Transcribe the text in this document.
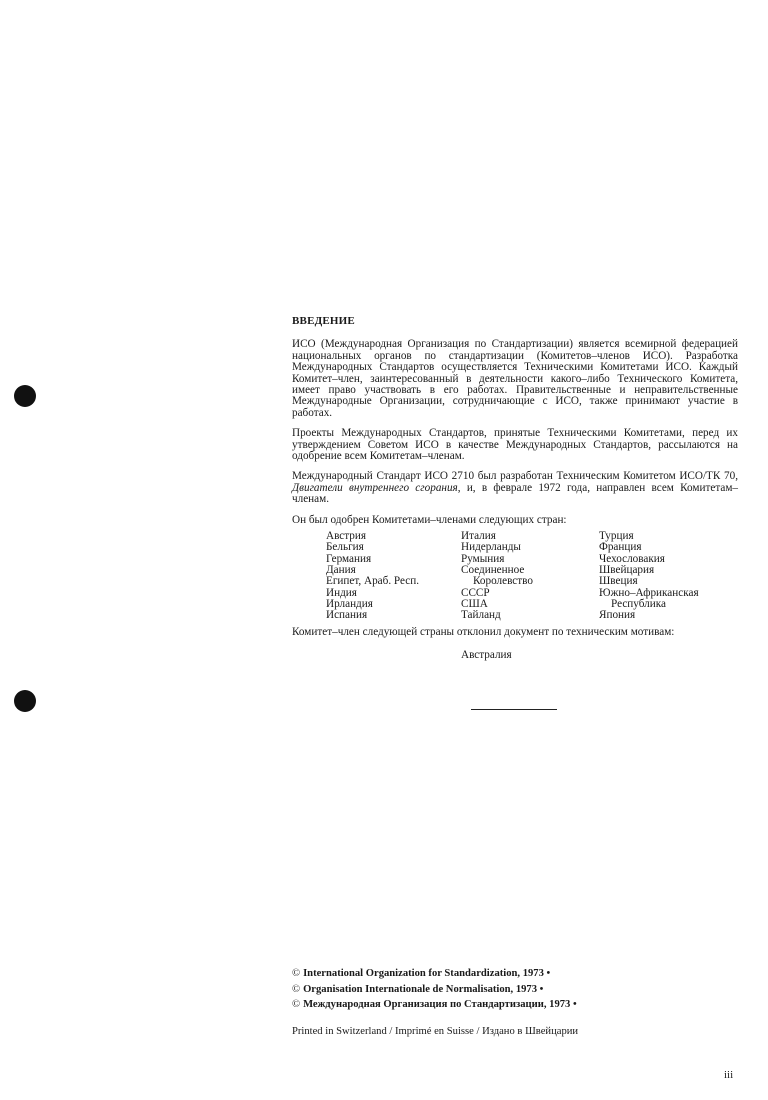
ВВЕДЕНИЕ

ИСО (Международная Организация по Стандартизации) является всемирной федерацией национальных органов по стандартизации (Комитетов–членов ИСО). Разработка Международных Стандартов осуществляется Техническими Комитетами ИСО. Каждый Комитет–член, заинтересованный в деятельности какого–либо Технического Комитета, имеет право участвовать в его работах. Правительственные и неправительственные Международные Организации, сотрудничающие с ИСО, также принимают участие в работах.

Проекты Международных Стандартов, принятые Техническими Комитетами, перед их утверждением Советом ИСО в качестве Международных Стандартов, рассылаются на одобрение всем Комитетам–членам.

Международный Стандарт ИСО 2710 был разработан Техническим Комитетом ИСО/ТК 70, Двигатели внутреннего сгорания, и, в феврале 1972 года, направлен всем Комитетам–членам.

Он был одобрен Комитетами–членами следующих стран:

Австрия
Бельгия
Германия
Дания
Египет, Араб. Респ.
Индия
Ирландия
Испания
Италия
Нидерланды
Румыния
Соединенное
Королевство
СССР
США
Тайланд
Турция
Франция
Чехословакия
Швейцария
Швеция
Южно–Африканская
Республика
Япония

Комитет–член следующей страны отклонил документ по техническим мотивам:

Австралия
© International Organization for Standardization, 1973 •
© Organisation Internationale de Normalisation, 1973 •
© Международная Организация по Стандартизации, 1973 •
Printed in Switzerland / Imprimé en Suisse / Издано в Швейцарии
iii
